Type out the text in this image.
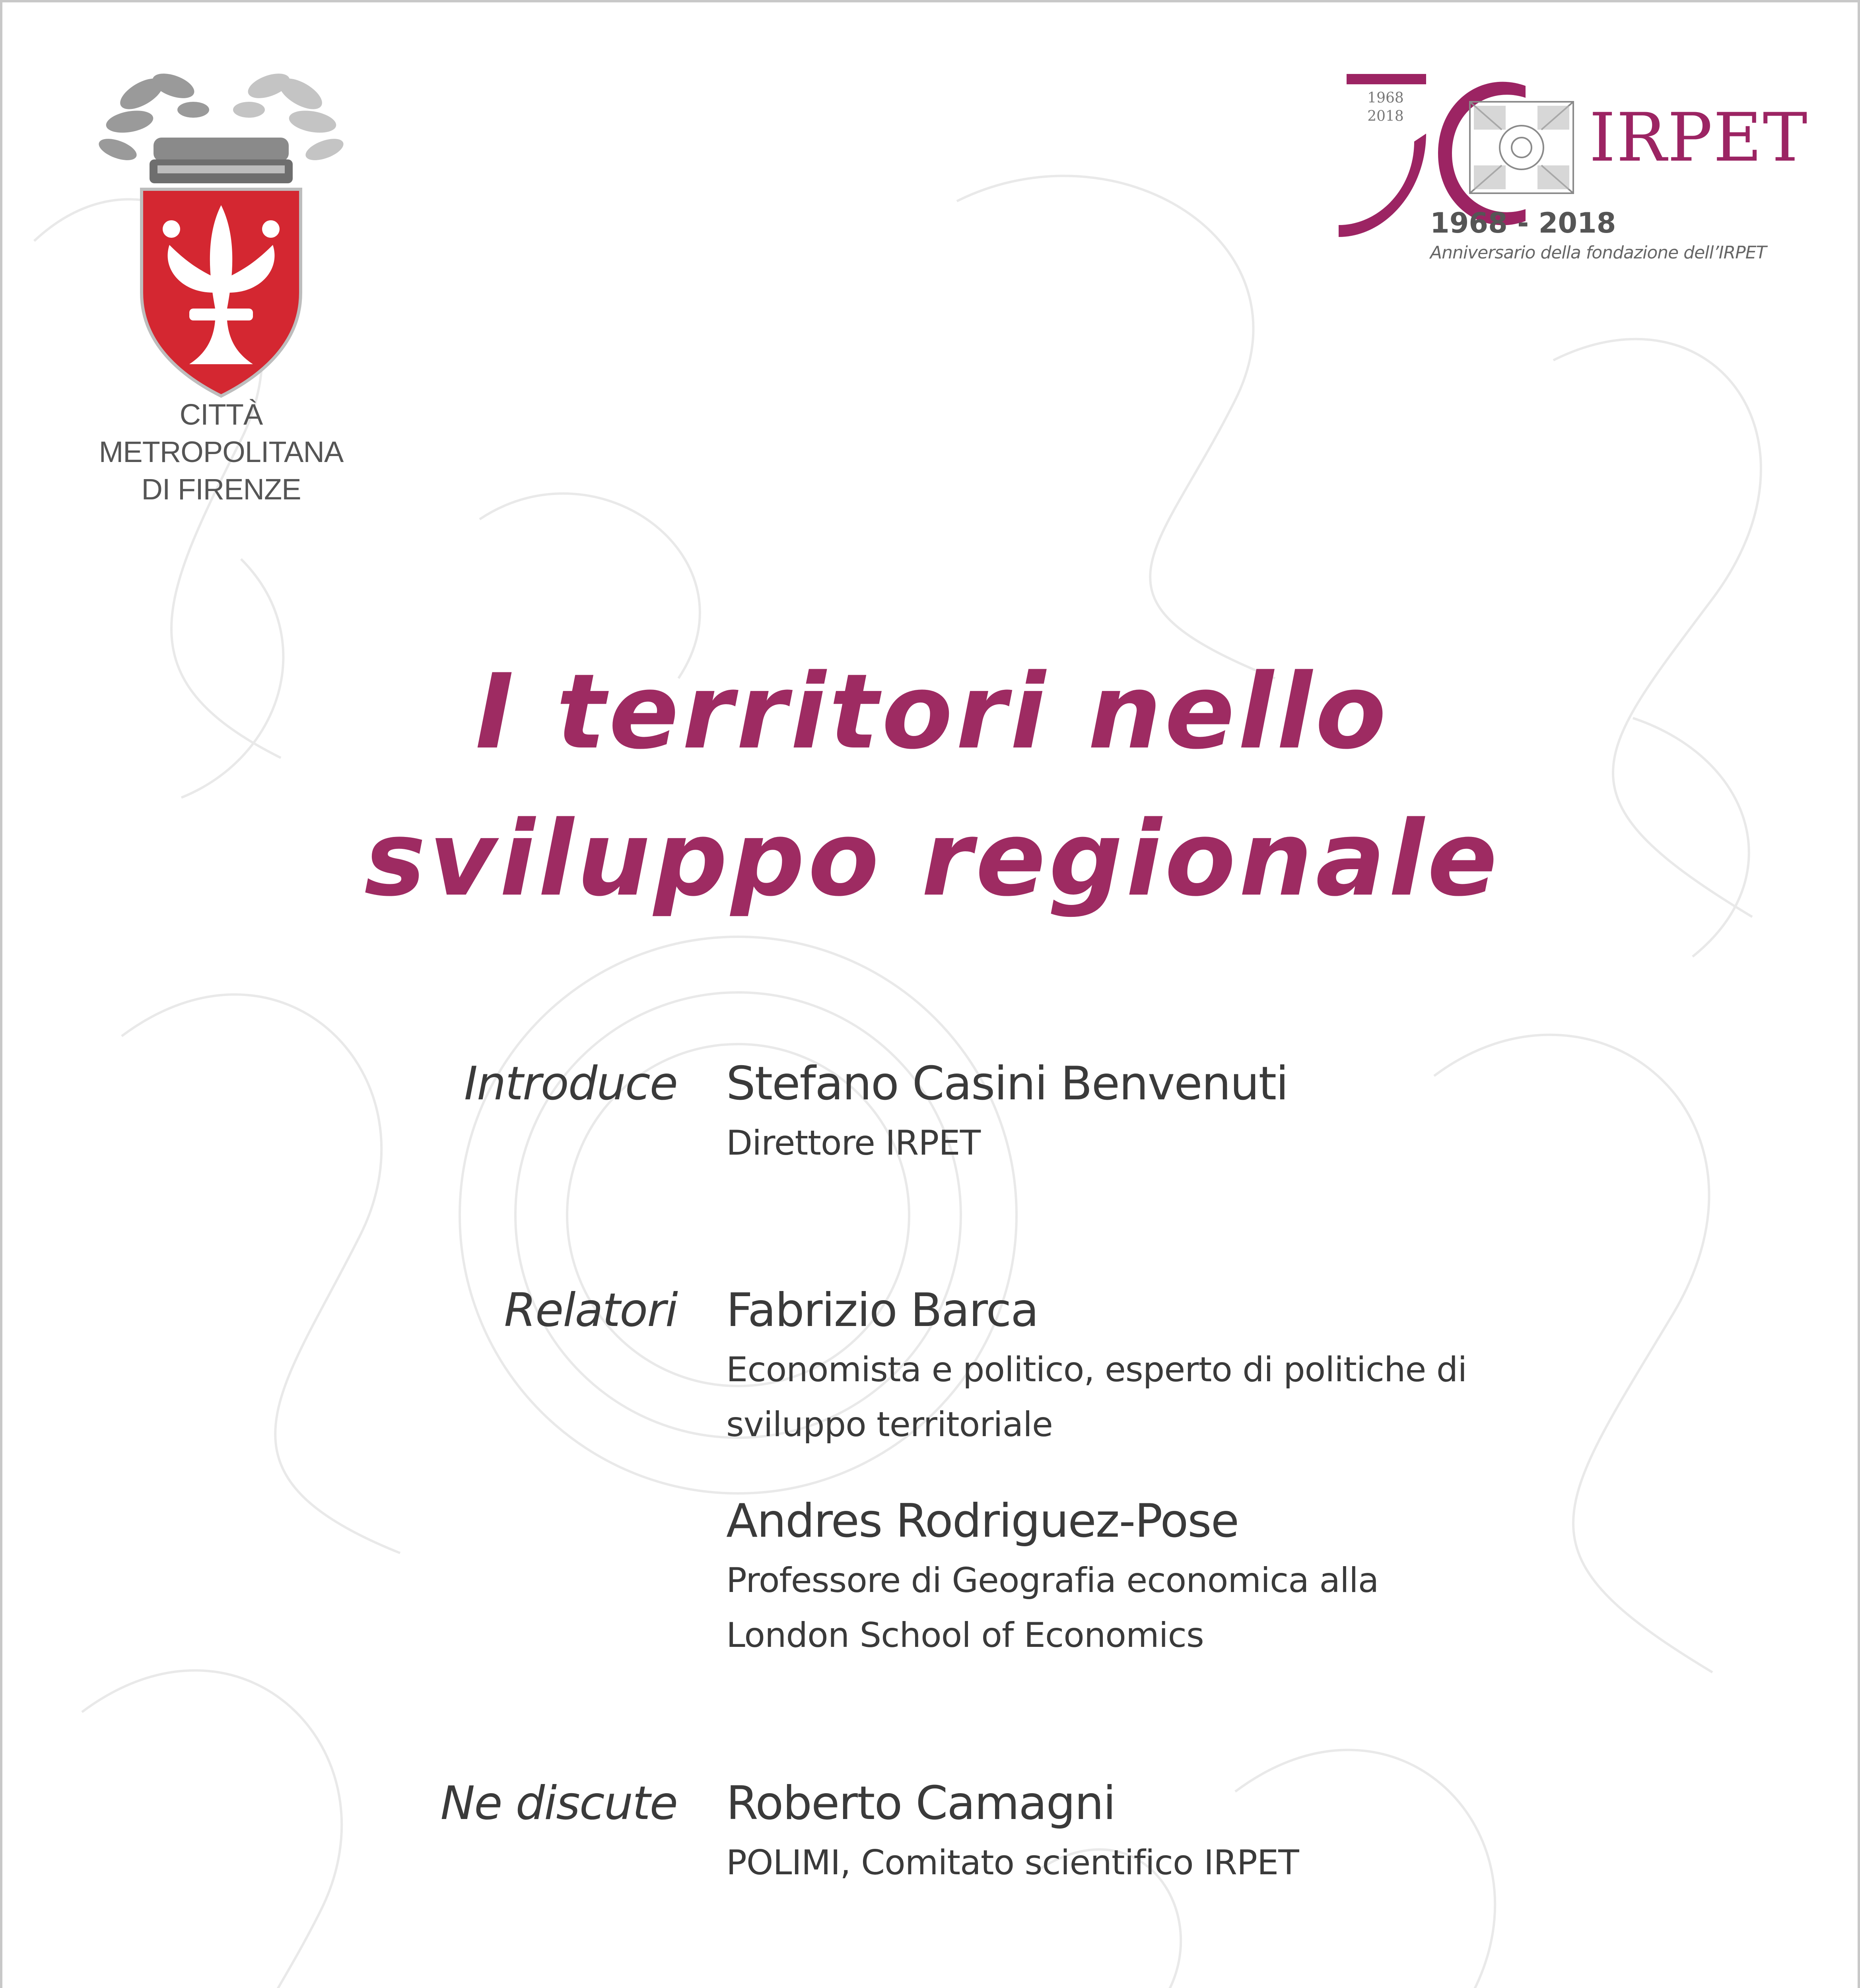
CITTÀ METROPOLITANA
DI FIRENZE
1968
2018	IRPET
1968 - 2018
Anniversario della fondazione dell’IRPET
I territori nello
sviluppo regionale
Introduce Stefano Casini Benvenuti
Direttore IRPET
Relatori Fabrizio Barca
Economista e politico, esperto di politiche di sviluppo territoriale
Andres Rodriguez-Pose
Professore di Geografia economica alla London School of Economics
Ne discute Roberto Camagni
POLIMI, Comitato scientifico IRPET
